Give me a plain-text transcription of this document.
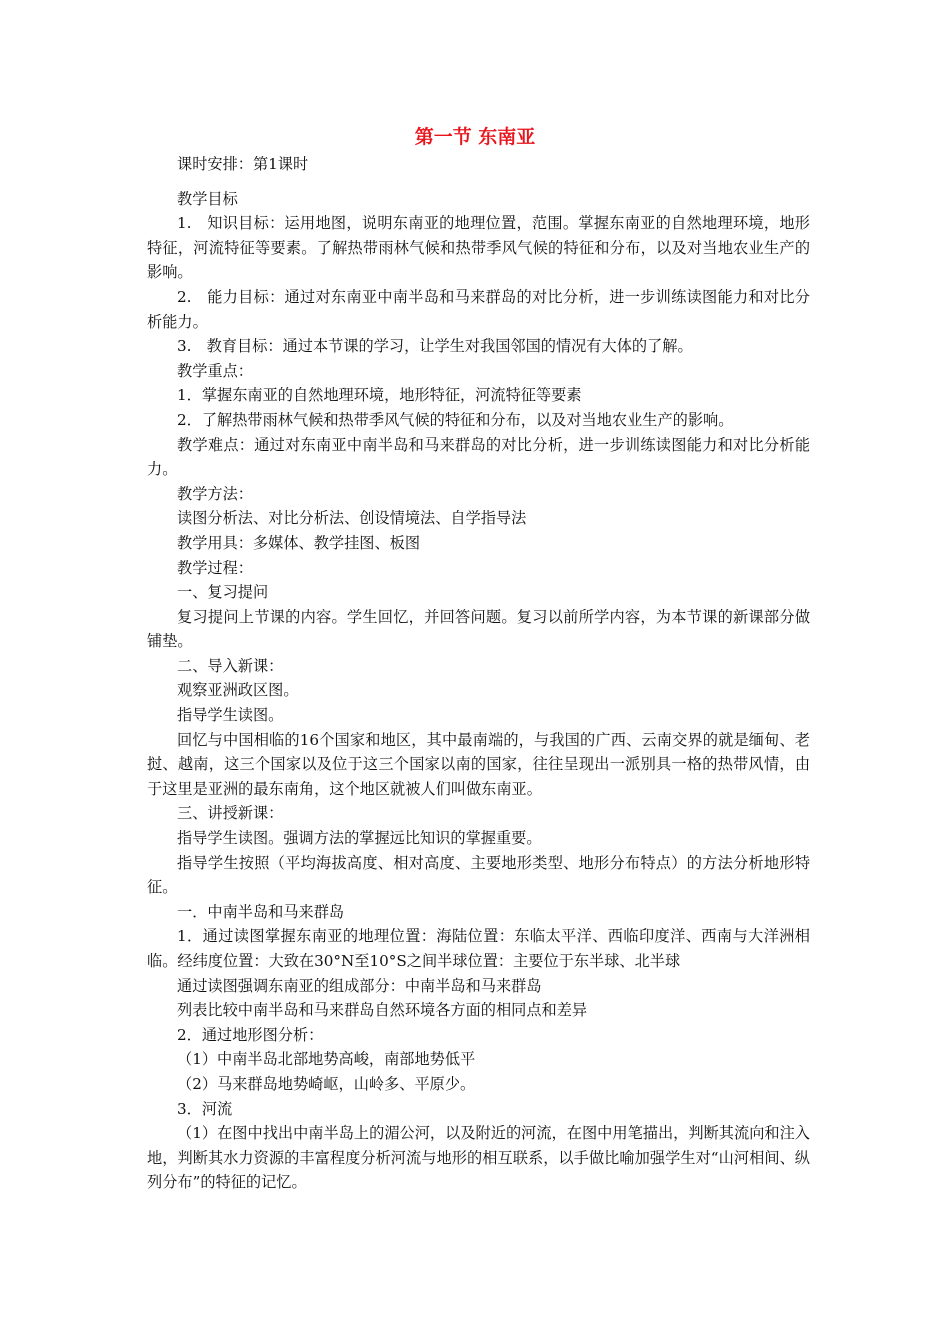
第一节 东南亚

课时安排：第1课时

教学目标

1.　知识目标：运用地图，说明东南亚的地理位置，范围。掌握东南亚的自然地理环境，地形特征，河流特征等要素。了解热带雨林气候和热带季风气候的特征和分布，以及对当地农业生产的影响。

2.　能力目标：通过对东南亚中南半岛和马来群岛的对比分析，进一步训练读图能力和对比分析能力。

3.　教育目标：通过本节课的学习，让学生对我国邻国的情况有大体的了解。

教学重点：

1．掌握东南亚的自然地理环境，地形特征，河流特征等要素

2．了解热带雨林气候和热带季风气候的特征和分布，以及对当地农业生产的影响。

教学难点：通过对东南亚中南半岛和马来群岛的对比分析，进一步训练读图能力和对比分析能力。

教学方法：

读图分析法、对比分析法、创设情境法、自学指导法

教学用具：多媒体、教学挂图、板图

教学过程：

一、复习提问

复习提问上节课的内容。学生回忆，并回答问题。复习以前所学内容，为本节课的新课部分做铺垫。

二、导入新课：

观察亚洲政区图。

指导学生读图。

回忆与中国相临的16个国家和地区，其中最南端的，与我国的广西、云南交界的就是缅甸、老挝、越南，这三个国家以及位于这三个国家以南的国家，往往呈现出一派别具一格的热带风情，由于这里是亚洲的最东南角，这个地区就被人们叫做东南亚。

三、讲授新课：

指导学生读图。强调方法的掌握远比知识的掌握重要。

指导学生按照（平均海拔高度、相对高度、主要地形类型、地形分布特点）的方法分析地形特征。

一．中南半岛和马来群岛

1．通过读图掌握东南亚的地理位置：海陆位置：东临太平洋、西临印度洋、西南与大洋洲相临。经纬度位置：大致在30°N至10°S之间半球位置：主要位于东半球、北半球

通过读图强调东南亚的组成部分：中南半岛和马来群岛

列表比较中南半岛和马来群岛自然环境各方面的相同点和差异

2．通过地形图分析：

（1）中南半岛北部地势高峻，南部地势低平

（2）马来群岛地势崎岖，山岭多、平原少。

3．河流

（1）在图中找出中南半岛上的湄公河，以及附近的河流，在图中用笔描出，判断其流向和注入地，判断其水力资源的丰富程度分析河流与地形的相互联系，以手做比喻加强学生对“山河相间、纵列分布”的特征的记忆。
